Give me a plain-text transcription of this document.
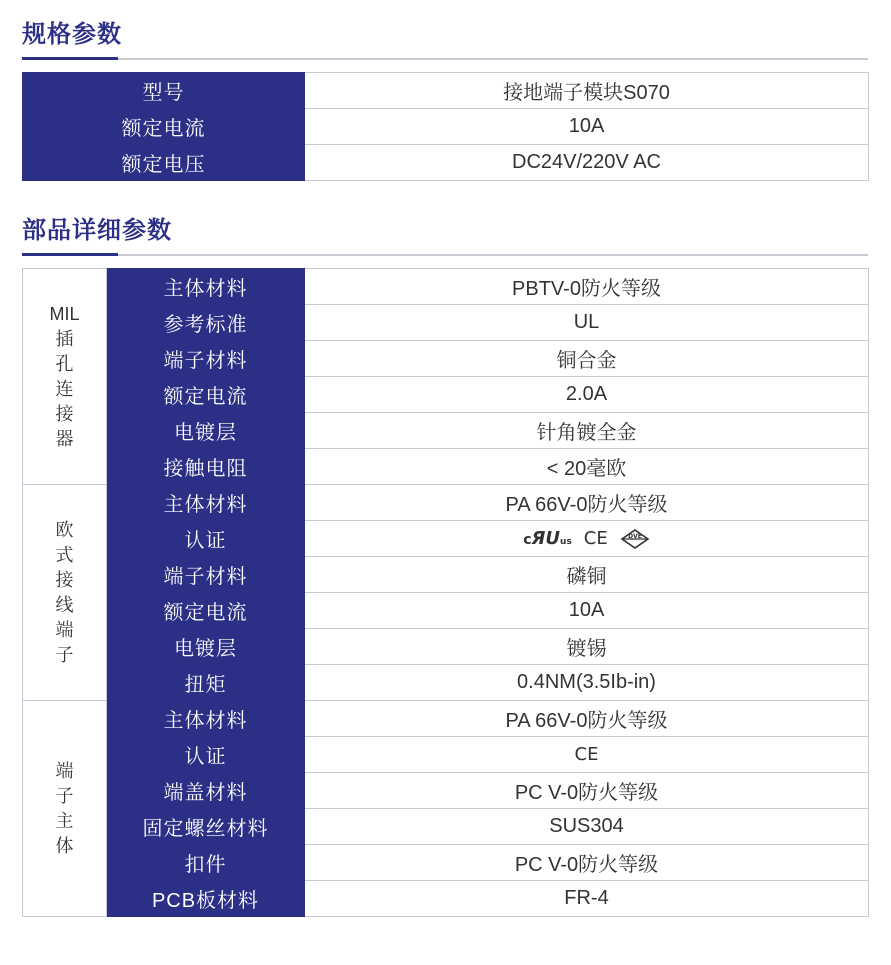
规格参数
型号	接地端子模块S070
额定电流	10A
额定电压	DC24V/220V AC
部品详细参数
MIL插孔连接器	主体材料	PBTV-0防火等级
	参考标准	UL
	端子材料	铜合金
	额定电流	2.0A
	电镀层	针角镀全金
	接触电阻	< 20毫欧
欧式接线端子	主体材料	PA 66V-0防火等级
	认证	cЯUus C​E DVE

	端子材料	磷铜
	额定电流	10A
	电镀层	镀锡
	扭矩	0.4NM(3.5Ib-in)
端子主体	主体材料	PA 66V-0防火等级
	认证	C​E
	端盖材料	PC V-0防火等级
	固定螺丝材料	SUS304
	扣件	PC V-0防火等级
	PCB板材料	FR-4
